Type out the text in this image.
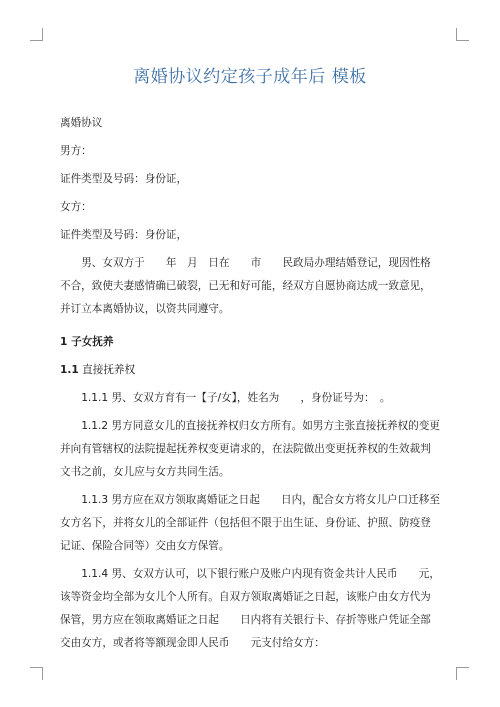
离婚协议约定孩子成年后 模板

离婚协议

男方：

证件类型及号码：身份证，

女方：

证件类型及号码：身份证，

男、女双方于　　年　月　日在　　市　　民政局办理结婚登记，现因性格不合，致使夫妻感情确已破裂，已无和好可能，经双方自愿协商达成一致意见，并订立本离婚协议，以资共同遵守。

1 子女抚养

1.1 直接抚养权

1.1.1 男、女双方育有一【子/女】，姓名为　　，身份证号为：　。

1.1.2 男方同意女儿的直接抚养权归女方所有。如男方主张直接抚养权的变更并向有管辖权的法院提起抚养权变更请求的，在法院做出变更抚养权的生效裁判文书之前，女儿应与女方共同生活。

1.1.3 男方应在双方领取离婚证之日起　　日内，配合女方将女儿户口迁移至女方名下，并将女儿的全部证件（包括但不限于出生证、身份证、护照、防疫登记证、保险合同等）交由女方保管。

1.1.4 男、女双方认可，以下银行账户及账户内现有资金共计人民币　　元，该等资金均全部为女儿个人所有。自双方领取离婚证之日起，该账户由女方代为保管，男方应在领取离婚证之日起　　日内将有关银行卡、存折等账户凭证全部交由女方，或者将等额现金即人民币　　元支付给女方：
